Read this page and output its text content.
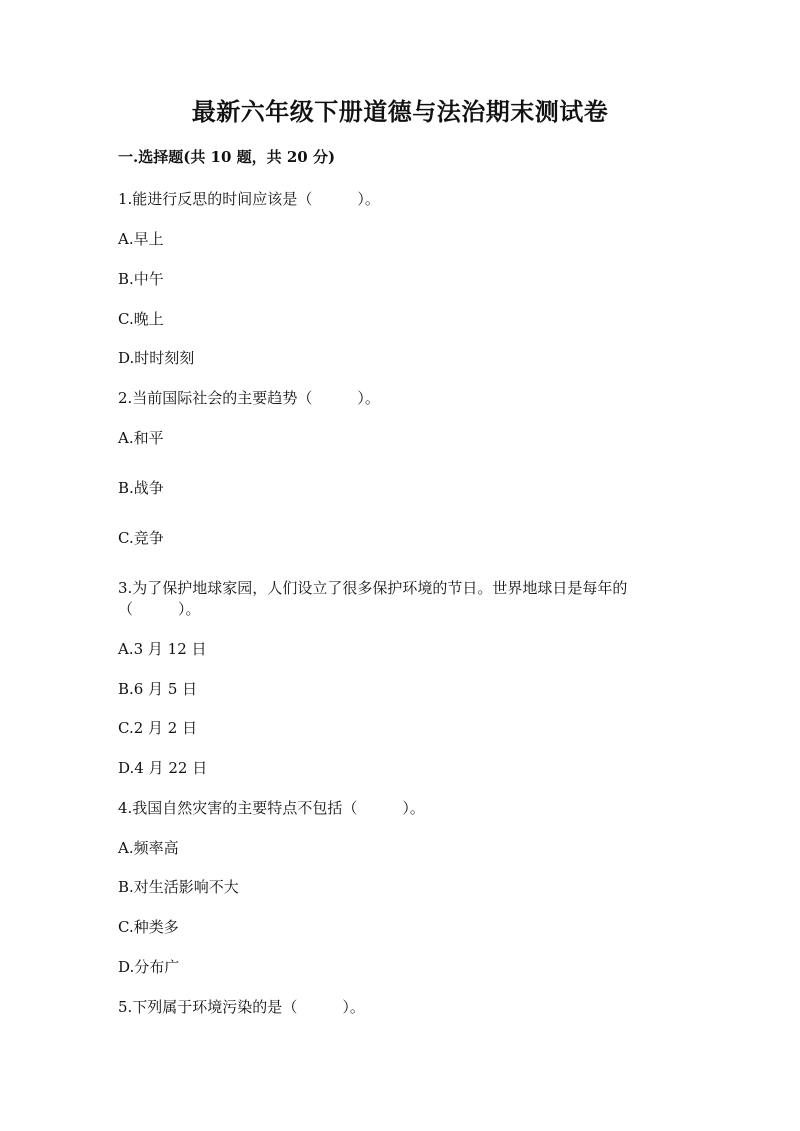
最新六年级下册道德与法治期末测试卷
一.选择题(共 10 题，共 20 分)
1.能进行反思的时间应该是（　　　）。
A.早上
B.中午
C.晚上
D.时时刻刻
2.当前国际社会的主要趋势（　　　）。
A.和平
B.战争
C.竞争
3.为了保护地球家园，人们设立了很多保护环境的节日。世界地球日是每年的
（　　　）。
A.3 月 12 日
B.6 月 5 日
C.2 月 2 日
D.4 月 22 日
4.我国自然灾害的主要特点不包括（　　　）。
A.频率高
B.对生活影响不大
C.种类多
D.分布广
5.下列属于环境污染的是（　　　）。
